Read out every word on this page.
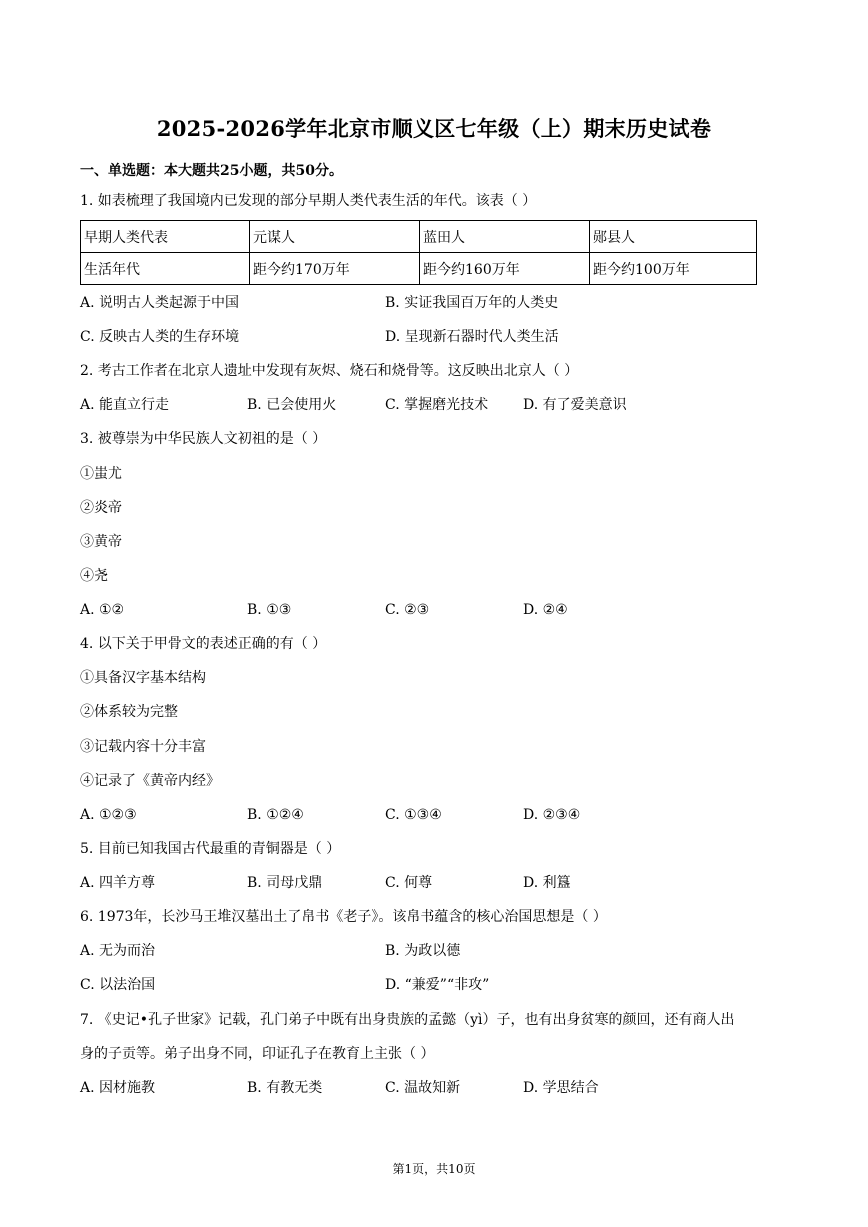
2025-2026学年北京市顺义区七年级（上）期末历史试卷
一、单选题：本大题共25小题，共50分。
1. 如表梳理了我国境内已发现的部分早期人类代表生活的年代。该表（ ）
早期人类代表	元谋人	蓝田人	郧县人
生活年代	距今约170万年	距今约160万年	距今约100万年
A. 说明古人类起源于中国	B. 实证我国百万年的人类史
C. 反映古人类的生存环境	D. 呈现新石器时代人类生活
2. 考古工作者在北京人遗址中发现有灰烬、烧石和烧骨等。这反映出北京人（ ）
A. 能直立行走	B. 已会使用火	C. 掌握磨光技术 D. 有了爱美意识
3. 被尊崇为中华民族人文初祖的是（ ）
①蚩尤
②炎帝
③黄帝
④尧
A. ①②	B. ①③	C. ②③	D. ②④
4. 以下关于甲骨文的表述正确的有（ ）
①具备汉字基本结构
②体系较为完整
③记载内容十分丰富
④记录了《黄帝内经》
A. ①②③	B. ①②④	C. ①③④	D. ②③④
5. 目前已知我国古代最重的青铜器是（ ）
A. 四羊方尊	B. 司母戊鼎	C. 何尊	D. 利簋
6. 1973年，长沙马王堆汉墓出土了帛书《老子》。该帛书蕴含的核心治国思想是（ ）
A. 无为而治	B. 为政以德
C. 以法治国	D. “兼爱”“非攻”
7. 《史记•孔子世家》记载，孔门弟子中既有出身贵族的孟懿（yì）子，也有出身贫寒的颜回，还有商人出
身的子贡等。弟子出身不同，印证孔子在教育上主张（ ）
A. 因材施教	B. 有教无类	C. 温故知新	D. 学思结合
第1页，共10页
